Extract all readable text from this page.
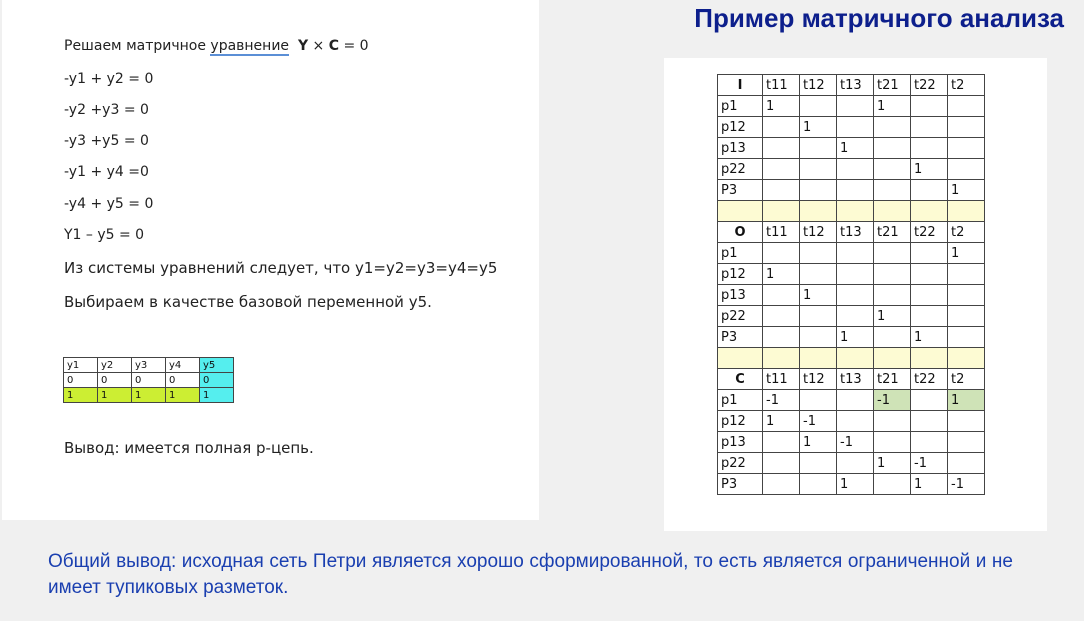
Пример матричного анализа
Решаем матричное уравнение Y × C = 0
-y1 + y2 = 0
-y2 +y3 = 0
-y3 +y5 = 0
-y1 + y4 =0
-y4 + y5 = 0
Y1 – y5 = 0
Из системы уравнений следует, что y1=y2=y3=y4=y5
Выбираем в качестве базовой переменной y5.
y1	y2	y3	y4	y5
0	0	0	0	0
1	1	1	1	1
Вывод: имеется полная р-цепь.
I	t11	t12	t13	t21	t22	t2
p1	1			1		
p12		1				
p13			1			
p22					1	
P3						1

O	t11	t12	t13	t21	t22	t2
p1						1
p12	1					
p13		1				
p22				1		
P3			1		1	

C	t11	t12	t13	t21	t22	t2
p1	-1			-1		1
p12	1	-1				
p13		1	-1			
p22				1	-1	
P3			1		1	-1
Общий вывод: исходная сеть Петри является хорошо сформированной, то есть является ограниченной и не имеет тупиковых разметок.
